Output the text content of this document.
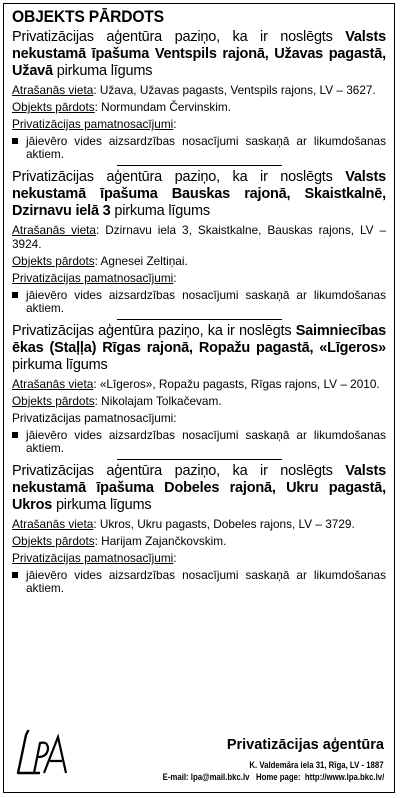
OBJEKTS PĀRDOTS
Privatizācijas aģentūra paziņo, ka ir noslēgts Valsts nekustamā īpašuma Ventspils rajonā, Užavas pagastā, Užavā pirkuma līgums
Atrašanās vieta: Užava, Užavas pagasts, Ventspils rajons, LV – 3627.
Objekts pārdots: Normundam Červinskim.
Privatizācijas pamatnosacījumi:
jāievēro vides aizsardzības nosacījumi saskaņā ar likumdošanas aktiem.
Privatizācijas aģentūra paziņo, ka ir noslēgts Valsts nekustamā īpašuma Bauskas rajonā, Skaistkalnē, Dzirnavu ielā 3 pirkuma līgums
Atrašanās vieta: Dzirnavu iela 3, Skaistkalne, Bauskas rajons, LV – 3924.
Objekts pārdots: Agnesei Zeltiņai.
Privatizācijas pamatnosacījumi:
jāievēro vides aizsardzības nosacījumi saskaņā ar likumdošanas aktiem.
Privatizācijas aģentūra paziņo, ka ir noslēgts Saimniecības ēkas (Staļļa) Rīgas rajonā, Ropažu pagastā, «Līgeros» pirkuma līgums
Atrašanās vieta: «Līgeros», Ropažu pagasts, Rīgas rajons, LV – 2010.
Objekts pārdots: Nikolajam Tolkačevam.
Privatizācijas pamatnosacījumi:
jāievēro vides aizsardzības nosacījumi saskaņā ar likumdošanas aktiem.
Privatizācijas aģentūra paziņo, ka ir noslēgts Valsts nekustamā īpašuma Dobeles rajonā, Ukru pagastā, Ukros pirkuma līgums
Atrašanās vieta: Ukros, Ukru pagasts, Dobeles rajons, LV – 3729.
Objekts pārdots: Harijam Zajančkovskim.
Privatizācijas pamatnosacījumi:
jāievēro vides aizsardzības nosacījumi saskaņā ar likumdošanas aktiem.
Privatizācijas aģentūra
K. Valdemāra iela 31, Rīga, LV - 1887
E-mail: lpa@mail.bkc.lv Home page:  http://www.lpa.bkc.lv/
